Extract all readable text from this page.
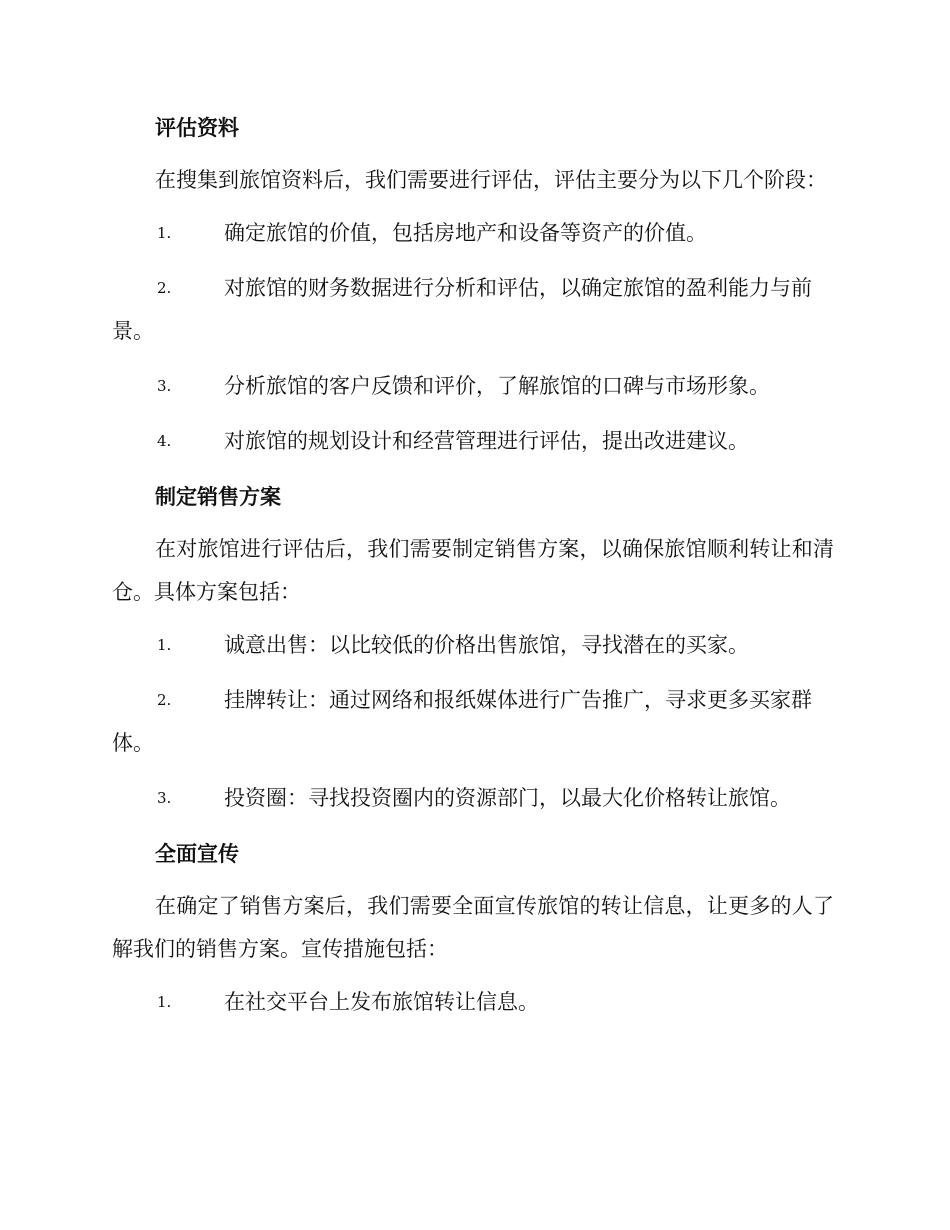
评估资料

在搜集到旅馆资料后，我们需要进行评估，评估主要分为以下几个阶段：

1.	确定旅馆的价值，包括房地产和设备等资产的价值。
2.	对旅馆的财务数据进行分析和评估，以确定旅馆的盈利能力与前景。
3.	分析旅馆的客户反馈和评价，了解旅馆的口碑与市场形象。
4.	对旅馆的规划设计和经营管理进行评估，提出改进建议。
制定销售方案

在对旅馆进行评估后，我们需要制定销售方案，以确保旅馆顺利转让和清仓。具体方案包括：

1.	诚意出售：以比较低的价格出售旅馆，寻找潜在的买家。
2.	挂牌转让：通过网络和报纸媒体进行广告推广，寻求更多买家群体。
3.	投资圈：寻找投资圈内的资源部门，以最大化价格转让旅馆。
全面宣传

在确定了销售方案后，我们需要全面宣传旅馆的转让信息，让更多的人了解我们的销售方案。宣传措施包括：

1.	在社交平台上发布旅馆转让信息。
